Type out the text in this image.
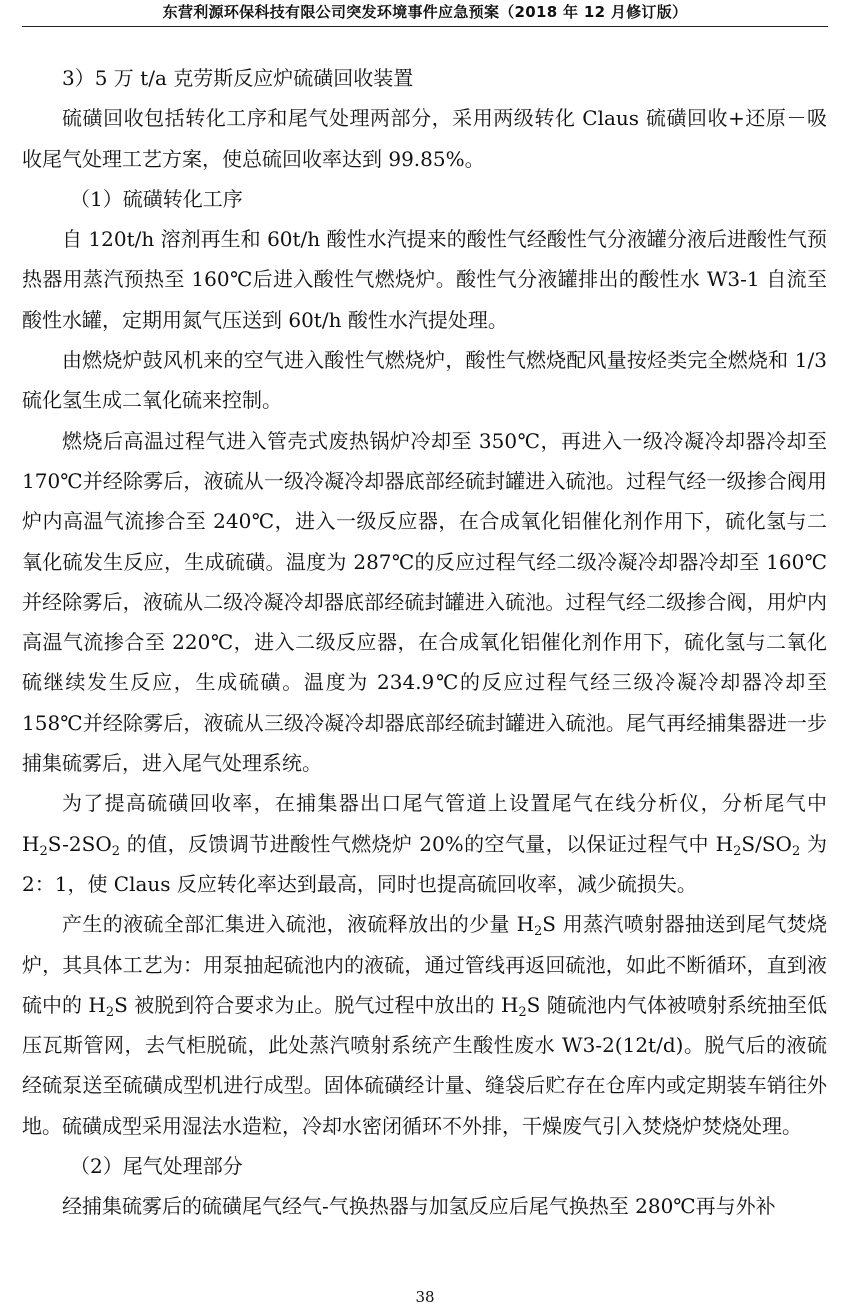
东营利源环保科技有限公司突发环境事件应急预案（2018 年 12 月修订版）

3）5 万 t/a 克劳斯反应炉硫磺回收装置

硫磺回收包括转化工序和尾气处理两部分，采用两级转化 Claus 硫磺回收+还原－吸收尾气处理工艺方案，使总硫回收率达到 99.85%。

（1）硫磺转化工序

自 120t/h 溶剂再生和 60t/h 酸性水汽提来的酸性气经酸性气分液罐分液后进酸性气预热器用蒸汽预热至 160℃后进入酸性气燃烧炉。酸性气分液罐排出的酸性水 W3-1 自流至酸性水罐，定期用氮气压送到 60t/h 酸性水汽提处理。

由燃烧炉鼓风机来的空气进入酸性气燃烧炉，酸性气燃烧配风量按烃类完全燃烧和 1/3 硫化氢生成二氧化硫来控制。

燃烧后高温过程气进入管壳式废热锅炉冷却至 350℃，再进入一级冷凝冷却器冷却至 170℃并经除雾后，液硫从一级冷凝冷却器底部经硫封罐进入硫池。过程气经一级掺合阀用炉内高温气流掺合至 240℃，进入一级反应器，在合成氧化铝催化剂作用下，硫化氢与二氧化硫发生反应，生成硫磺。温度为 287℃的反应过程气经二级冷凝冷却器冷却至 160℃并经除雾后，液硫从二级冷凝冷却器底部经硫封罐进入硫池。过程气经二级掺合阀，用炉内高温气流掺合至 220℃，进入二级反应器，在合成氧化铝催化剂作用下，硫化氢与二氧化硫继续发生反应，生成硫磺。温度为 234.9℃的反应过程气经三级冷凝冷却器冷却至 158℃并经除雾后，液硫从三级冷凝冷却器底部经硫封罐进入硫池。尾气再经捕集器进一步捕集硫雾后，进入尾气处理系统。

为了提高硫磺回收率，在捕集器出口尾气管道上设置尾气在线分析仪，分析尾气中 $H_2S-2SO_2$ 的值，反馈调节进酸性气燃烧炉 20%的空气量，以保证过程气中 $H_2S/SO_2$ 为 2：1，使 Claus 反应转化率达到最高，同时也提高硫回收率，减少硫损失。

产生的液硫全部汇集进入硫池，液硫释放出的少量 $H_2S$ 用蒸汽喷射器抽送到尾气焚烧炉，其具体工艺为：用泵抽起硫池内的液硫，通过管线再返回硫池，如此不断循环，直到液硫中的 $H_2S$ 被脱到符合要求为止。脱气过程中放出的 $H_2S$ 随硫池内气体被喷射系统抽至低压瓦斯管网，去气柜脱硫，此处蒸汽喷射系统产生酸性废水 W3-2(12t/d)。脱气后的液硫经硫泵送至硫磺成型机进行成型。固体硫磺经计量、缝袋后贮存在仓库内或定期装车销往外地。硫磺成型采用湿法水造粒，冷却水密闭循环不外排，干燥废气引入焚烧炉焚烧处理。

（2）尾气处理部分

经捕集硫雾后的硫磺尾气经气-气换热器与加氢反应后尾气换热至 280℃再与外补

38
